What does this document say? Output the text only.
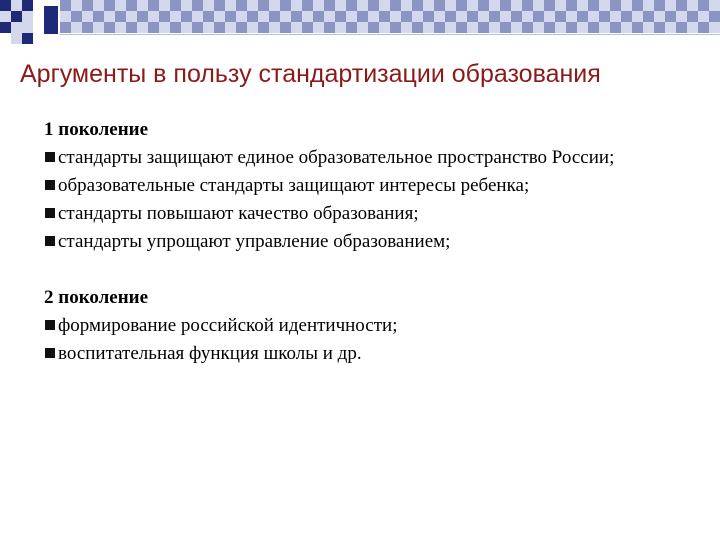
Аргументы в пользу стандартизации образования

1 поколение

стандарты защищают единое образовательное пространство России;

образовательные стандарты защищают интересы ребенка;

стандарты повышают качество образования;

стандарты упрощают управление образованием;

2 поколение

формирование российской идентичности;

воспитательная функция школы и др.
